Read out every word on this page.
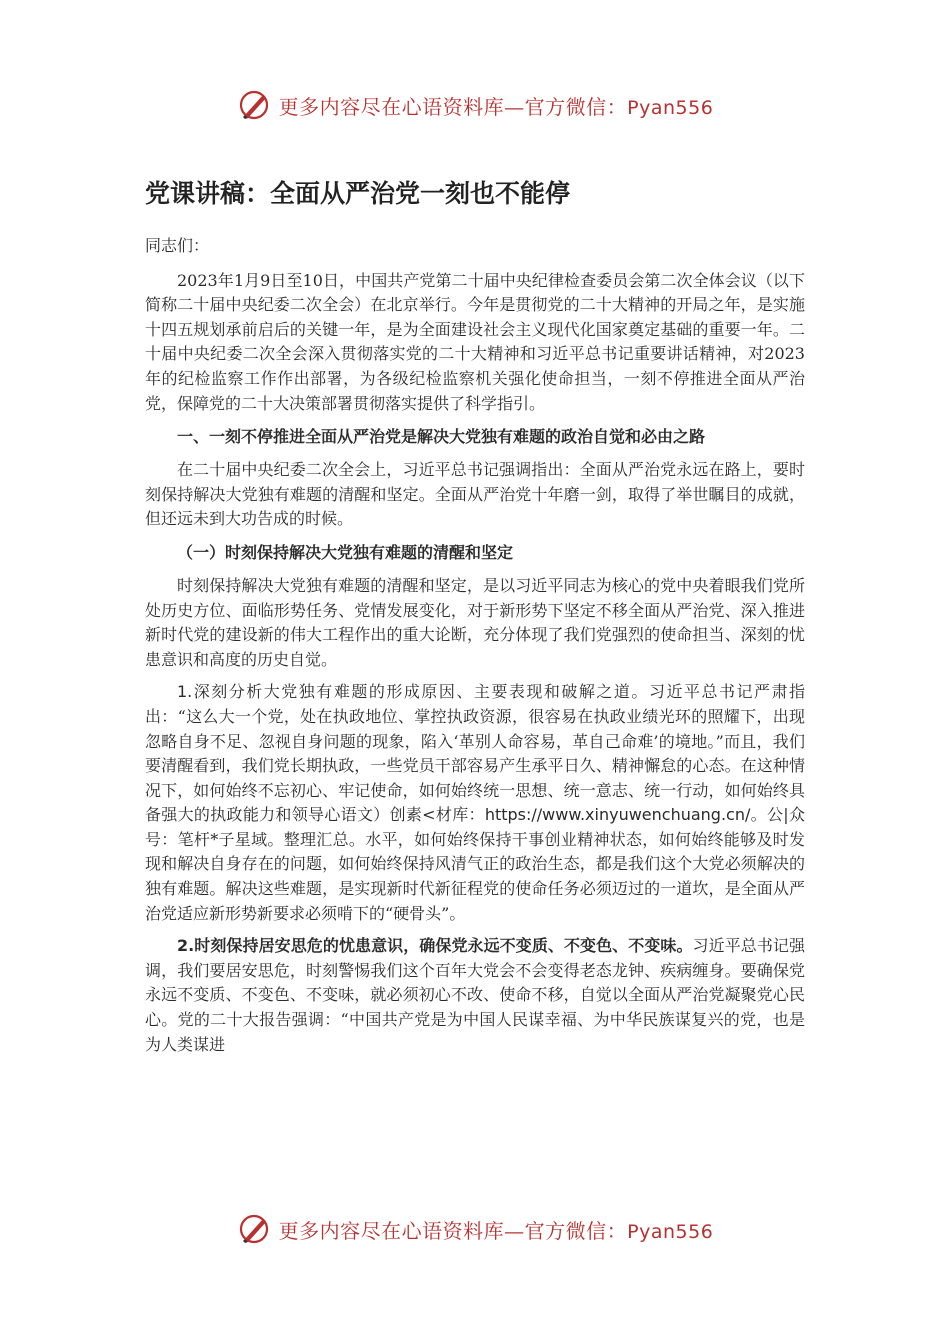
更多内容尽在心语资料库—官方微信：Pyan556
党课讲稿：全面从严治党一刻也不能停

同志们：

2023年1月9日至10日，中国共产党第二十届中央纪律检查委员会第二次全体会议（以下简称二十届中央纪委二次全会）在北京举行。今年是贯彻党的二十大精神的开局之年，是实施十四五规划承前启后的关键一年，是为全面建设社会主义现代化国家奠定基础的重要一年。二十届中央纪委二次全会深入贯彻落实党的二十大精神和习近平总书记重要讲话精神，对2023年的纪检监察工作作出部署，为各级纪检监察机关强化使命担当，一刻不停推进全面从严治党，保障党的二十大决策部署贯彻落实提供了科学指引。

一、一刻不停推进全面从严治党是解决大党独有难题的政治自觉和必由之路

在二十届中央纪委二次全会上，习近平总书记强调指出：全面从严治党永远在路上，要时刻保持解决大党独有难题的清醒和坚定。全面从严治党十年磨一剑，取得了举世瞩目的成就，但还远未到大功告成的时候。

（一）时刻保持解决大党独有难题的清醒和坚定

时刻保持解决大党独有难题的清醒和坚定，是以习近平同志为核心的党中央着眼我们党所处历史方位、面临形势任务、党情发展变化，对于新形势下坚定不移全面从严治党、深入推进新时代党的建设新的伟大工程作出的重大论断，充分体现了我们党强烈的使命担当、深刻的忧患意识和高度的历史自觉。

1.深刻分析大党独有难题的形成原因、主要表现和破解之道。习近平总书记严肃指出：“这么大一个党，处在执政地位、掌控执政资源，很容易在执政业绩光环的照耀下，出现忽略自身不足、忽视自身问题的现象，陷入‘革别人命容易，革自己命难’的境地。”而且，我们要清醒看到，我们党长期执政，一些党员干部容易产生承平日久、精神懈怠的心态。在这种情况下，如何始终不忘初心、牢记使命，如何始终统一思想、统一意志、统一行动，如何始终具备强大的执政能力和领导心语文）创素<材库：https://www.xinyuwenchuang.cn/。公|众号：笔杆*子星域。整理汇总。水平，如何始终保持干事创业精神状态，如何始终能够及时发现和解决自身存在的问题，如何始终保持风清气正的政治生态，都是我们这个大党必须解决的独有难题。解决这些难题，是实现新时代新征程党的使命任务必须迈过的一道坎，是全面从严治党适应新形势新要求必须啃下的“硬骨头”。

2.时刻保持居安思危的忧患意识，确保党永远不变质、不变色、不变味。习近平总书记强调，我们要居安思危，时刻警惕我们这个百年大党会不会变得老态龙钟、疾病缠身。要确保党永远不变质、不变色、不变味，就必须初心不改、使命不移，自觉以全面从严治党凝聚党心民心。党的二十大报告强调：“中国共产党是为中国人民谋幸福、为中华民族谋复兴的党，也是为人类谋进

更多内容尽在心语资料库—官方微信：Pyan556
